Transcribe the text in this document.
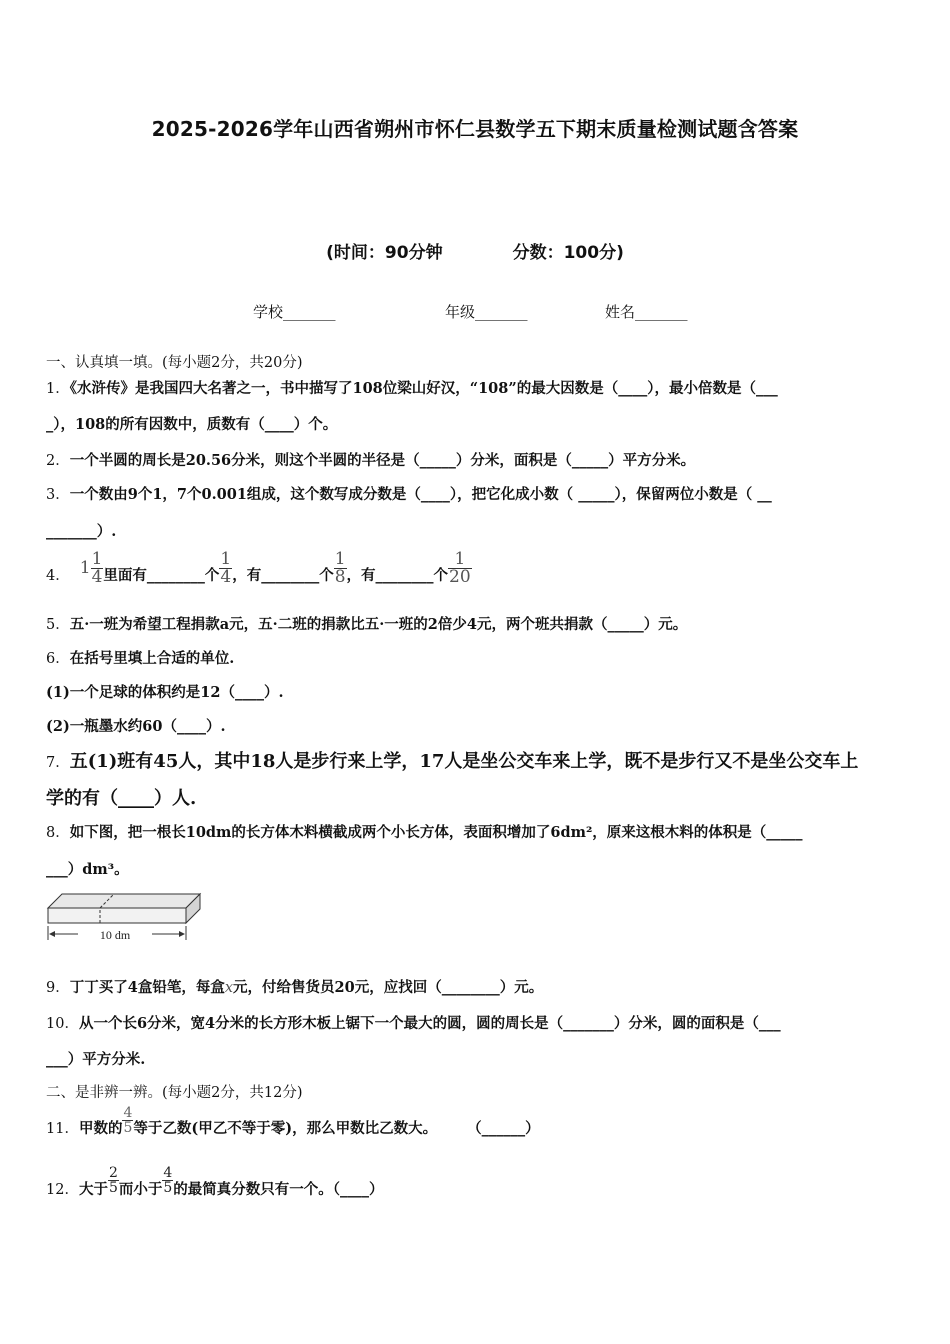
2025-2026学年山西省朔州市怀仁县数学五下期末质量检测试题含答案
(时间：90分钟	分数：100分)
学校_______	年级_______	姓名_______
一、认真填一填。(每小题2分，共20分)
1．《水浒传》是我国四大名著之一，书中描写了108位梁山好汉，“108”的最大因数是（____），最小倍数是（___
_），108的所有因数中，质数有（____）个。
2．一个半圆的周长是20.56分米，则这个半圆的半径是（_____）分米，面积是（_____）平方分米。
3．一个数由9个1，7个0.001组成，这个数写成分数是（____），把它化成小数（ _____），保留两位小数是（ __
_______）.
4． $1 \frac{1}{4}$ 里面有________个 $\frac{1}{4}$ ，有________个 $\frac{1}{8}$ ，有________个 $\frac{1}{20}$
5．五·一班为希望工程捐款a元，五·二班的捐款比五·一班的2倍少4元，两个班共捐款（_____）元。
6．在括号里填上合适的单位.
(1)一个足球的体积约是12（____）.
(2)一瓶墨水约60（____）.
7．五(1)班有45人，其中18人是步行来上学，17人是坐公交车来上学，既不是步行又不是坐公交车上
学的有（____）人.
8．如下图，把一根长10dm的长方体木料横截成两个小长方体，表面积增加了6dm²，原来这根木料的体积是（_____
___）dm³。
10 dm
9．丁丁买了4盒铅笔，每盒x元，付给售货员20元，应找回（________）元。
10．从一个长6分米，宽4分米的长方形木板上锯下一个最大的圆，圆的周长是（_______）分米，圆的面积是（___
___）平方分米.
二、是非辨一辨。(每小题2分，共12分)
11． 甲数的 $\frac{4}{5}$ 等于乙数(甲乙不等于零)，那么甲数比乙数大。 （______）
12． 大于 $\frac{2}{5}$ 而小于 $\frac{4}{5}$ 的最简真分数只有一个。（____）
